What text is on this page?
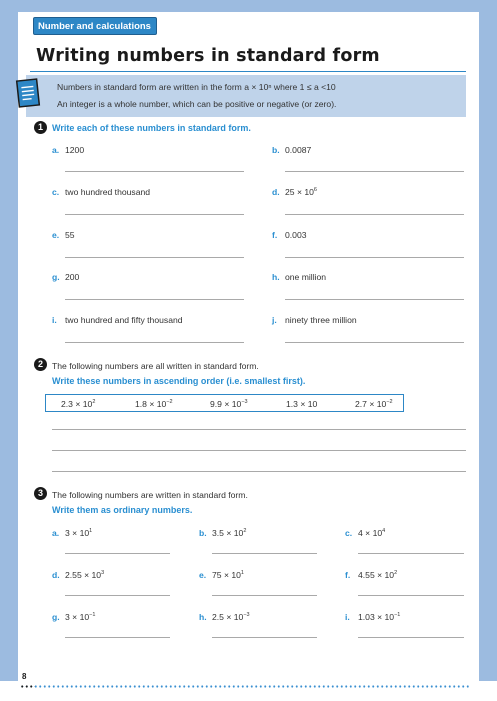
Number and calculations
Writing numbers in standard form
Numbers in standard form are written in the form a × 10ⁿ where 1 ≤ a <10
An integer is a whole number, which can be positive or negative (or zero).
1	Write each of these numbers in standard form.
a. 1200	b. 0.0087
c. two hundred thousand	d. $25 \times 10^6$
e. 55	f. 0.003
g. 200	h. one million
i. two hundred and fifty thousand	j. ninety three million
2	The following numbers are all written in standard form.
Write these numbers in ascending order (i.e. smallest first).
$2.3 \times 10^2$	$1.8 \times 10^{-2}$	$9.9 \times 10^{-3}$	1.3 × 10	$2.7 \times 10^{-2}$
3	The following numbers are written in standard form.
Write them as ordinary numbers.
a. $3 \times 10^1$	b. $3.5 \times 10^2$	c. $4 \times 10^4$
d. $2.55 \times 10^3$	e. $75 \times 10^1$	f. $4.55 \times 10^2$
g. $3 \times 10^{-1}$	h. $2.5 \times 10^{-3}$	i. $1.03 \times 10^{-1}$
8
